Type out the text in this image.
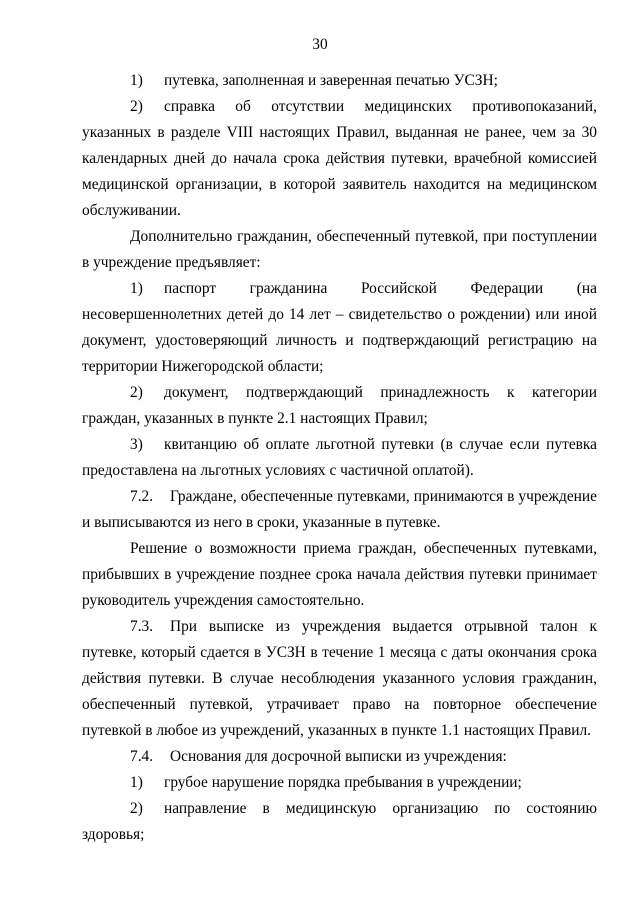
30

1) путевка, заполненная и заверенная печатью УСЗН;

2) справка об отсутствии медицинских противопоказаний, указанных в разделе VIII настоящих Правил, выданная не ранее, чем за 30 календарных дней до начала срока действия путевки, врачебной комиссией медицинской организации, в которой заявитель находится на медицинском обслуживании.

Дополнительно гражданин, обеспеченный путевкой, при поступлении в учреждение предъявляет:

1) паспорт гражданина Российской Федерации (на несовершеннолетних детей до 14 лет – свидетельство о рождении) или иной документ, удостоверяющий личность и подтверждающий регистрацию на территории Нижегородской области;

2) документ, подтверждающий принадлежность к категории граждан, указанных в пункте 2.1 настоящих Правил;

3) квитанцию об оплате льготной путевки (в случае если путевка предоставлена на льготных условиях с частичной оплатой).

7.2. Граждане, обеспеченные путевками, принимаются в учреждение и выписываются из него в сроки, указанные в путевке.

Решение о возможности приема граждан, обеспеченных путевками, прибывших в учреждение позднее срока начала действия путевки принимает руководитель учреждения самостоятельно.

7.3. При выписке из учреждения выдается отрывной талон к путевке, который сдается в УСЗН в течение 1 месяца с даты окончания срока действия путевки. В случае несоблюдения указанного условия гражданин, обеспеченный путевкой, утрачивает право на повторное обеспечение путевкой в любое из учреждений, указанных в пункте 1.1 настоящих Правил.

7.4. Основания для досрочной выписки из учреждения:

1) грубое нарушение порядка пребывания в учреждении;

2) направление в медицинскую организацию по состоянию здоровья;
